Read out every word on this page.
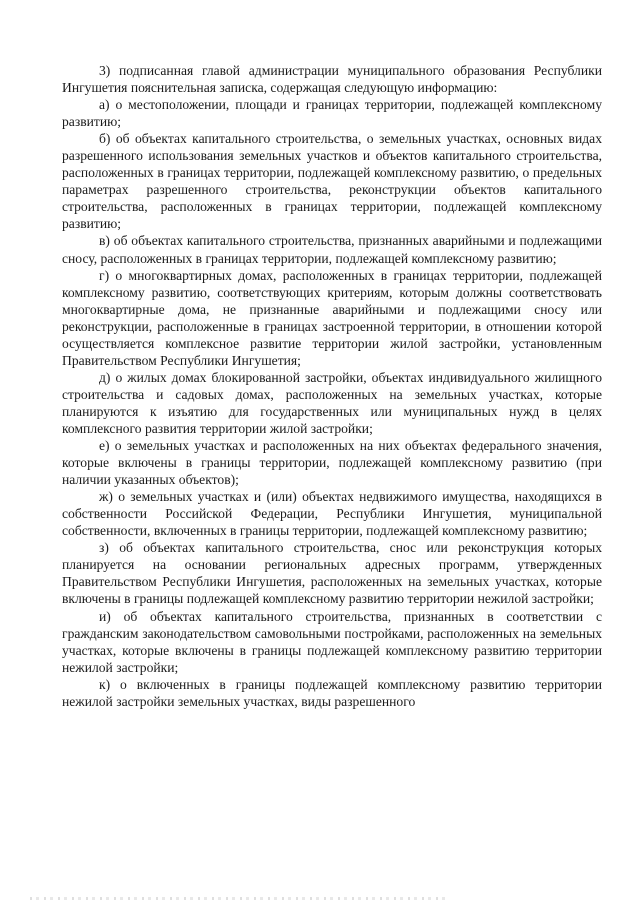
3) подписанная главой администрации муниципального образования Республики Ингушетия пояснительная записка, содержащая следующую информацию:

а) о местоположении, площади и границах территории, подлежащей комплексному развитию;

б) об объектах капитального строительства, о земельных участках, основных видах разрешенного использования земельных участков и объектов капитального строительства, расположенных в границах территории, подлежащей комплексному развитию, о предельных параметрах разрешенного строительства, реконструкции объектов капитального строительства, расположенных в границах территории, подлежащей комплексному развитию;

в) об объектах капитального строительства, признанных аварийными и подлежащими сносу, расположенных в границах территории, подлежащей комплексному развитию;

г) о многоквартирных домах, расположенных в границах территории, подлежащей комплексному развитию, соответствующих критериям, которым должны соответствовать многоквартирные дома, не признанные аварийными и подлежащими сносу или реконструкции, расположенные в границах застроенной территории, в отношении которой осуществляется комплексное развитие территории жилой застройки, установленным Правительством Республики Ингушетия;

д) о жилых домах блокированной застройки, объектах индивидуального жилищного строительства и садовых домах, расположенных на земельных участках, которые планируются к изъятию для государственных или муниципальных нужд в целях комплексного развития территории жилой застройки;

е) о земельных участках и расположенных на них объектах федерального значения, которые включены в границы территории, подлежащей комплексному развитию (при наличии указанных объектов);

ж) о земельных участках и (или) объектах недвижимого имущества, находящихся в собственности Российской Федерации, Республики Ингушетия, муниципальной собственности, включенных в границы территории, подлежащей комплексному развитию;

з) об объектах капитального строительства, снос или реконструкция которых планируется на основании региональных адресных программ, утвержденных Правительством Республики Ингушетия, расположенных на земельных участках, которые включены в границы подлежащей комплексному развитию территории нежилой застройки;

и) об объектах капитального строительства, признанных в соответствии с гражданским законодательством самовольными постройками, расположенных на земельных участках, которые включены в границы подлежащей комплексному развитию территории нежилой застройки;

к) о включенных в границы подлежащей комплексному развитию территории нежилой застройки земельных участках, виды разрешенного
